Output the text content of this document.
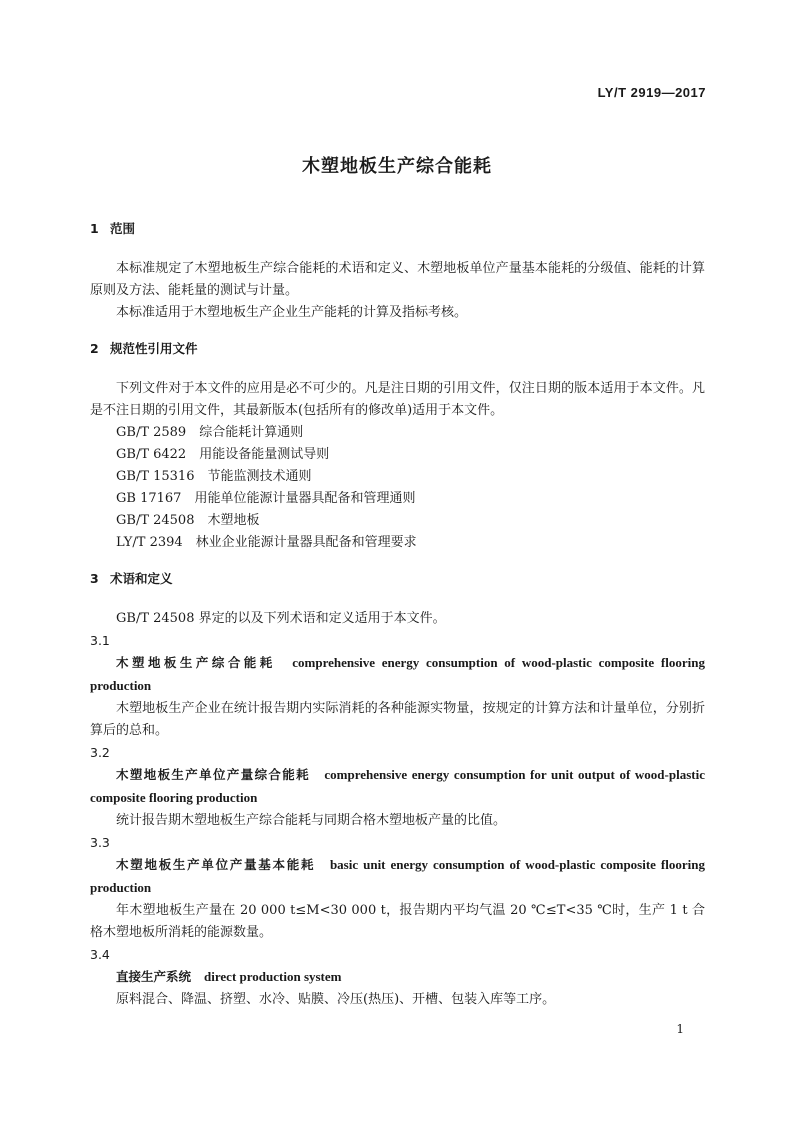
LY/T 2919—2017
木塑地板生产综合能耗
1 范围

本标准规定了木塑地板生产综合能耗的术语和定义、木塑地板单位产量基本能耗的分级值、能耗的计算原则及方法、能耗量的测试与计量。

本标准适用于木塑地板生产企业生产能耗的计算及指标考核。

2 规范性引用文件

下列文件对于本文件的应用是必不可少的。凡是注日期的引用文件，仅注日期的版本适用于本文件。凡是不注日期的引用文件，其最新版本(包括所有的修改单)适用于本文件。

GB/T 2589　 综合能耗计算通则
GB/T 6422　 用能设备能量测试导则
GB/T 15316　 节能监测技术通则
GB 17167　 用能单位能源计量器具配备和管理通则
GB/T 24508　 木塑地板
LY/T 2394　 林业企业能源计量器具配备和管理要求
3 术语和定义

GB/T 24508 界定的以及下列术语和定义适用于本文件。

3.1

木塑地板生产综合能耗　 comprehensive energy consumption of wood-plastic composite flooring production

木塑地板生产企业在统计报告期内实际消耗的各种能源实物量，按规定的计算方法和计量单位，分别折算后的总和。

3.2

木塑地板生产单位产量综合能耗　 comprehensive energy consumption for unit output of wood-plastic composite flooring production

统计报告期木塑地板生产综合能耗与同期合格木塑地板产量的比值。

3.3

木塑地板生产单位产量基本能耗　 basic unit energy consumption of wood-plastic composite flooring production

年木塑地板生产量在 20 000 t≤M<30 000 t，报告期内平均气温 20 ℃≤T<35 ℃时，生产 1 t 合格木塑地板所消耗的能源数量。

3.4

直接生产系统　 direct production system

原料混合、降温、挤塑、水冷、贴膜、冷压(热压)、开槽、包装入库等工序。

1
